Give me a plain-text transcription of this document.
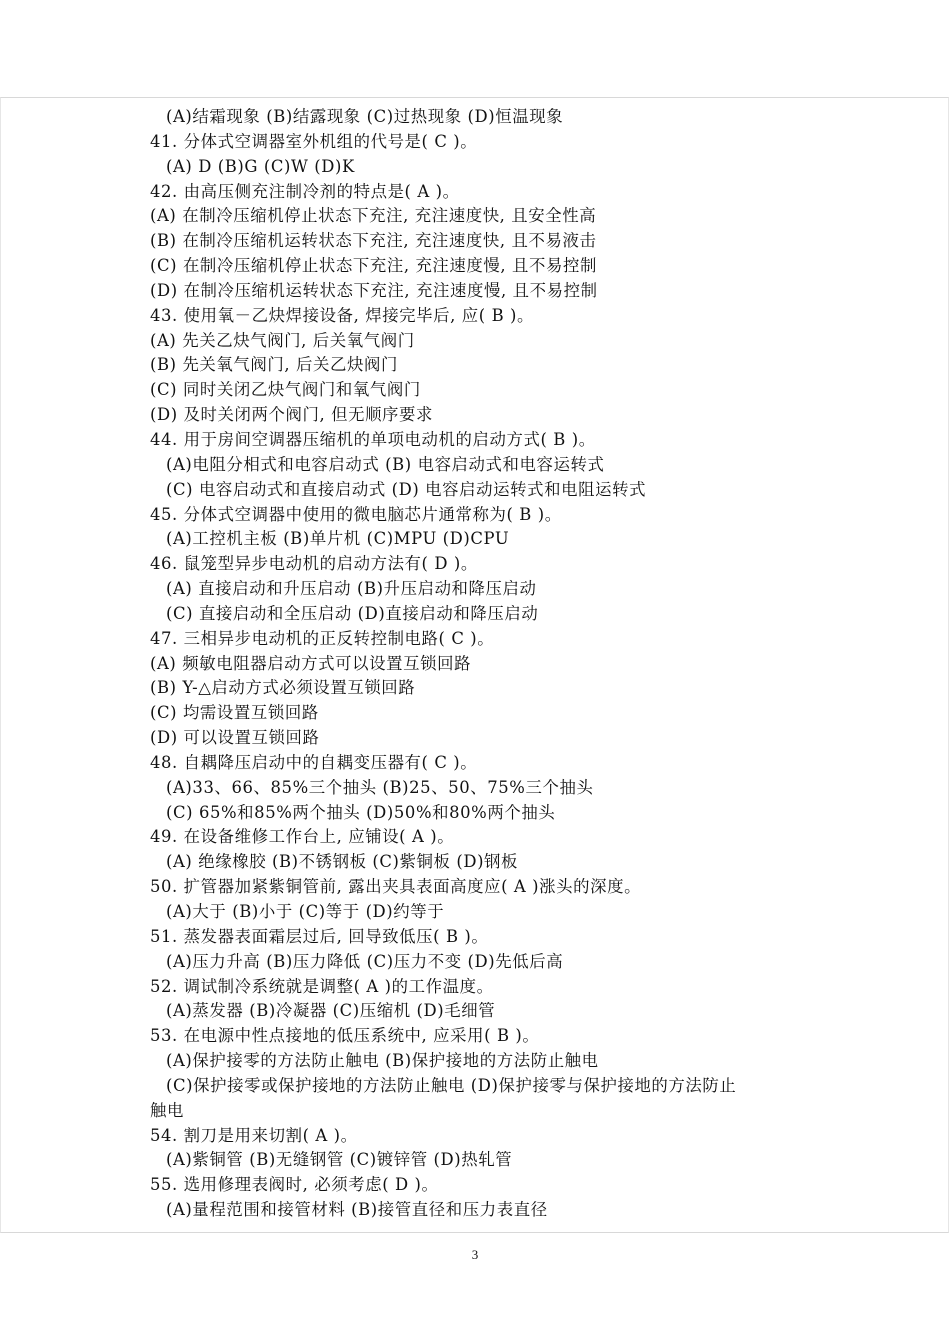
(A)结霜现象 (B)结露现象 (C)过热现象 (D)恒温现象
41. 分体式空调器室外机组的代号是( C )。
(A) D (B)G (C)W (D)K
42. 由高压侧充注制冷剂的特点是( A )。
(A) 在制冷压缩机停止状态下充注, 充注速度快, 且安全性高
(B) 在制冷压缩机运转状态下充注, 充注速度快, 且不易液击
(C) 在制冷压缩机停止状态下充注, 充注速度慢, 且不易控制
(D) 在制冷压缩机运转状态下充注, 充注速度慢, 且不易控制
43. 使用氧－乙炔焊接设备, 焊接完毕后, 应( B )。
(A) 先关乙炔气阀门, 后关氧气阀门
(B) 先关氧气阀门, 后关乙炔阀门
(C) 同时关闭乙炔气阀门和氧气阀门
(D) 及时关闭两个阀门, 但无顺序要求
44. 用于房间空调器压缩机的单项电动机的启动方式( B )。
(A)电阻分相式和电容启动式 (B) 电容启动式和电容运转式
(C) 电容启动式和直接启动式 (D) 电容启动运转式和电阻运转式
45. 分体式空调器中使用的微电脑芯片通常称为( B )。
(A)工控机主板 (B)单片机 (C)MPU (D)CPU
46. 鼠笼型异步电动机的启动方法有( D )。
(A) 直接启动和升压启动 (B)升压启动和降压启动
(C) 直接启动和全压启动 (D)直接启动和降压启动
47. 三相异步电动机的正反转控制电路( C )。
(A) 频敏电阻器启动方式可以设置互锁回路
(B) Y-△启动方式必须设置互锁回路
(C) 均需设置互锁回路
(D) 可以设置互锁回路
48. 自耦降压启动中的自耦变压器有( C )。
(A)33、66、85%三个抽头 (B)25、50、75%三个抽头
(C) 65%和85%两个抽头 (D)50%和80%两个抽头
49. 在设备维修工作台上, 应铺设( A )。
(A) 绝缘橡胶 (B)不锈钢板 (C)紫铜板 (D)钢板
50. 扩管器加紧紫铜管前, 露出夹具表面高度应( A )涨头的深度。
(A)大于 (B)小于 (C)等于 (D)约等于
51. 蒸发器表面霜层过后, 回导致低压( B )。
(A)压力升高 (B)压力降低 (C)压力不变 (D)先低后高
52. 调试制冷系统就是调整( A )的工作温度。
(A)蒸发器 (B)冷凝器 (C)压缩机 (D)毛细管
53. 在电源中性点接地的低压系统中, 应采用( B )。
(A)保护接零的方法防止触电 (B)保护接地的方法防止触电
(C)保护接零或保护接地的方法防止触电 (D)保护接零与保护接地的方法防止
触电
54. 割刀是用来切割( A )。
(A)紫铜管 (B)无缝钢管 (C)镀锌管 (D)热轧管
55. 选用修理表阀时, 必须考虑( D )。
(A)量程范围和接管材料 (B)接管直径和压力表直径
3
